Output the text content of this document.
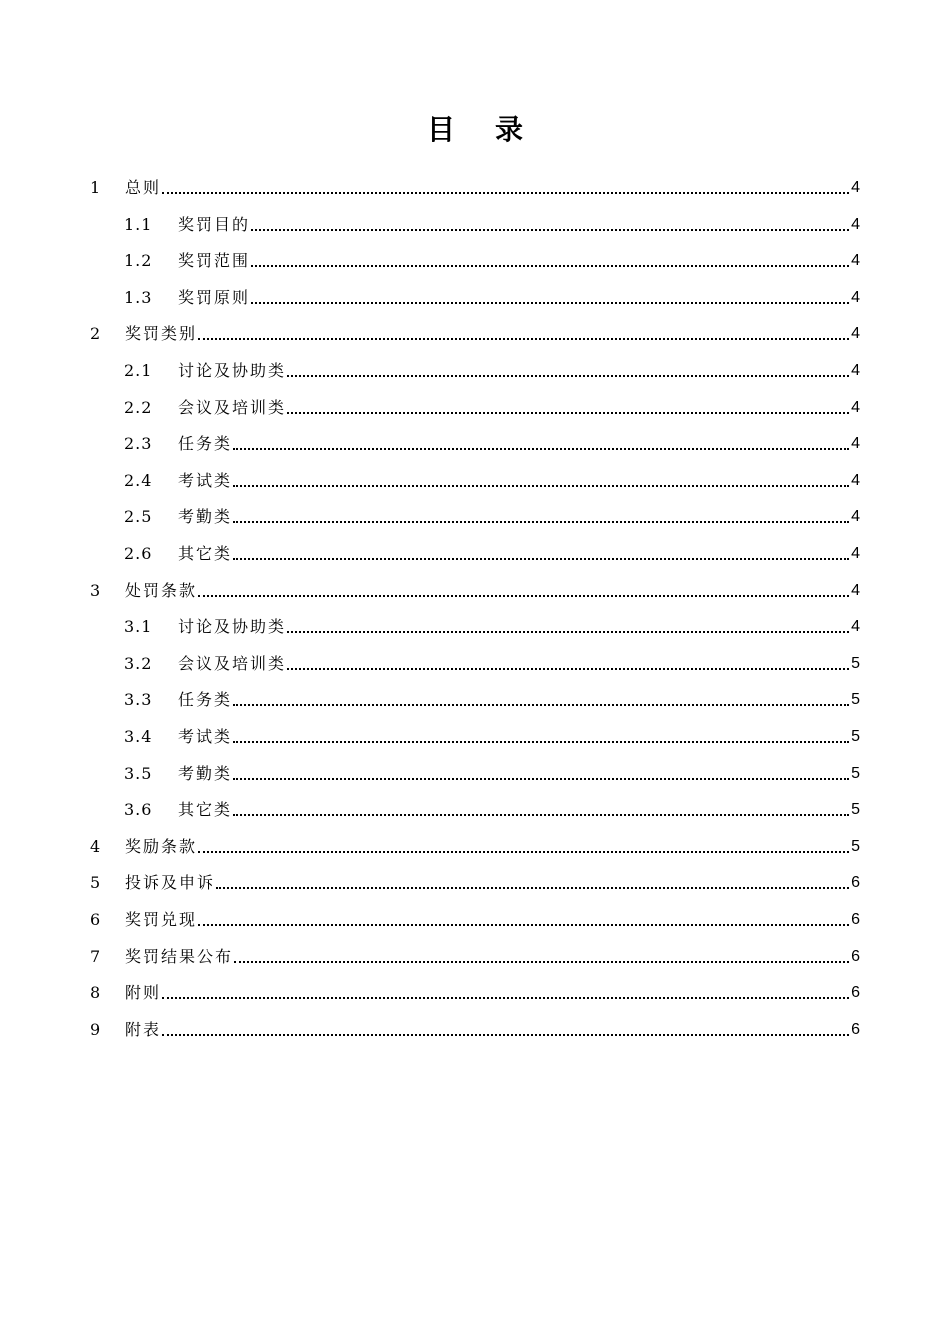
目 录
1	总则	4
1.1	奖罚目的	4
1.2	奖罚范围	4
1.3	奖罚原则	4
2	奖罚类别	4
2.1	讨论及协助类	4
2.2	会议及培训类	4
2.3	任务类	4
2.4	考试类	4
2.5	考勤类	4
2.6	其它类	4
3	处罚条款	4
3.1	讨论及协助类	4
3.2	会议及培训类	5
3.3	任务类	5
3.4	考试类	5
3.5	考勤类	5
3.6	其它类	5
4	奖励条款	5
5	投诉及申诉	6
6	奖罚兑现	6
7	奖罚结果公布	6
8	附则	6
9	附表	6
